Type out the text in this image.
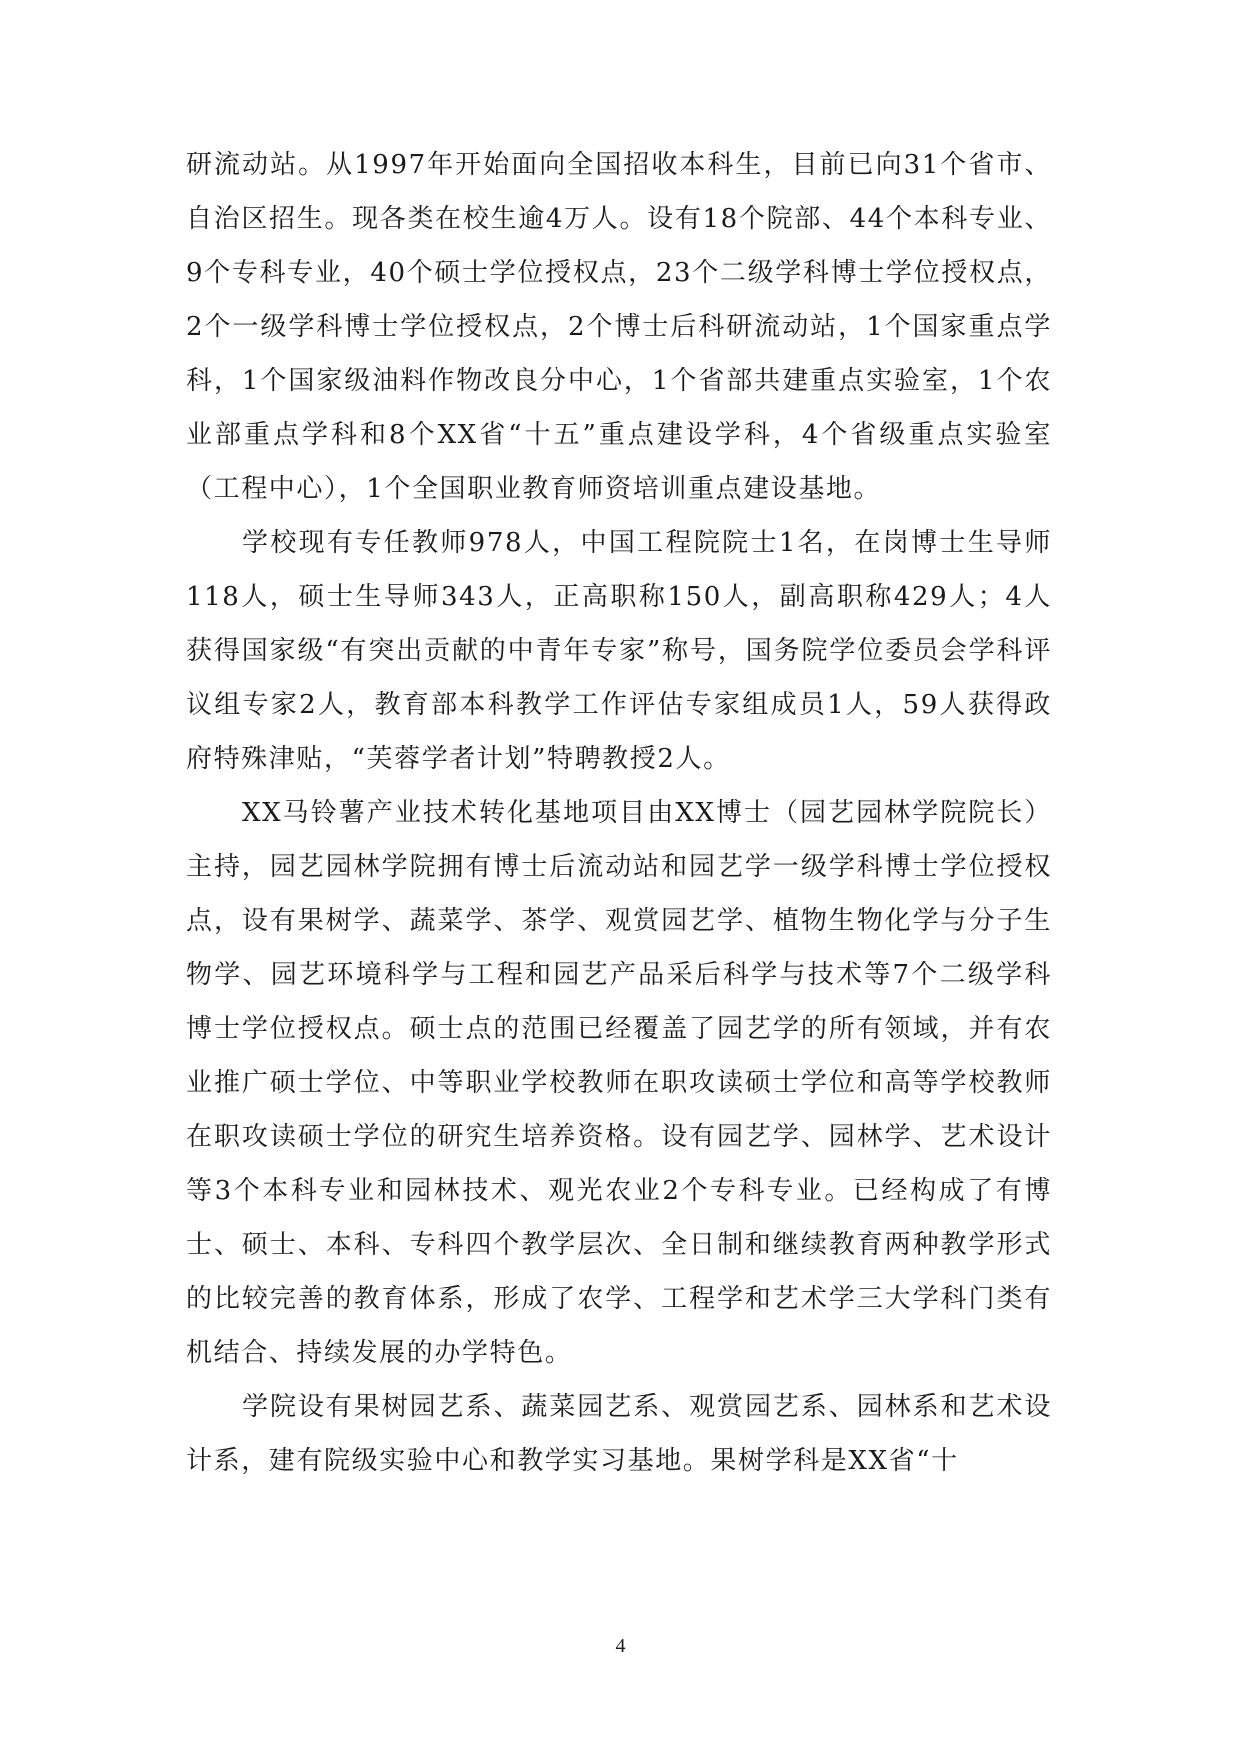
研流动站。从1997年开始面向全国招收本科生，目前已向31个省市、自治区招生。现各类在校生逾4万人。设有18个院部、44个本科专业、9个专科专业，40个硕士学位授权点，23个二级学科博士学位授权点，2个一级学科博士学位授权点，2个博士后科研流动站，1个国家重点学科，1个国家级油料作物改良分中心，1个省部共建重点实验室，1个农业部重点学科和8个XX省“十五”重点建设学科，4个省级重点实验室（工程中心），1个全国职业教育师资培训重点建设基地。

学校现有专任教师978人，中国工程院院士1名，在岗博士生导师118人，硕士生导师343人，正高职称150人，副高职称429人；4人获得国家级“有突出贡献的中青年专家”称号，国务院学位委员会学科评议组专家2人，教育部本科教学工作评估专家组成员1人，59人获得政府特殊津贴，“芙蓉学者计划”特聘教授2人。

XX马铃薯产业技术转化基地项目由XX博士（园艺园林学院院长）主持，园艺园林学院拥有博士后流动站和园艺学一级学科博士学位授权点，设有果树学、蔬菜学、茶学、观赏园艺学、植物生物化学与分子生物学、园艺环境科学与工程和园艺产品采后科学与技术等7个二级学科博士学位授权点。硕士点的范围已经覆盖了园艺学的所有领域，并有农业推广硕士学位、中等职业学校教师在职攻读硕士学位和高等学校教师在职攻读硕士学位的研究生培养资格。设有园艺学、园林学、艺术设计等3个本科专业和园林技术、观光农业2个专科专业。已经构成了有博士、硕士、本科、专科四个教学层次、全日制和继续教育两种教学形式的比较完善的教育体系，形成了农学、工程学和艺术学三大学科门类有机结合、持续发展的办学特色。

学院设有果树园艺系、蔬菜园艺系、观赏园艺系、园林系和艺术设计系，建有院级实验中心和教学实习基地。果树学科是XX省“十

4
